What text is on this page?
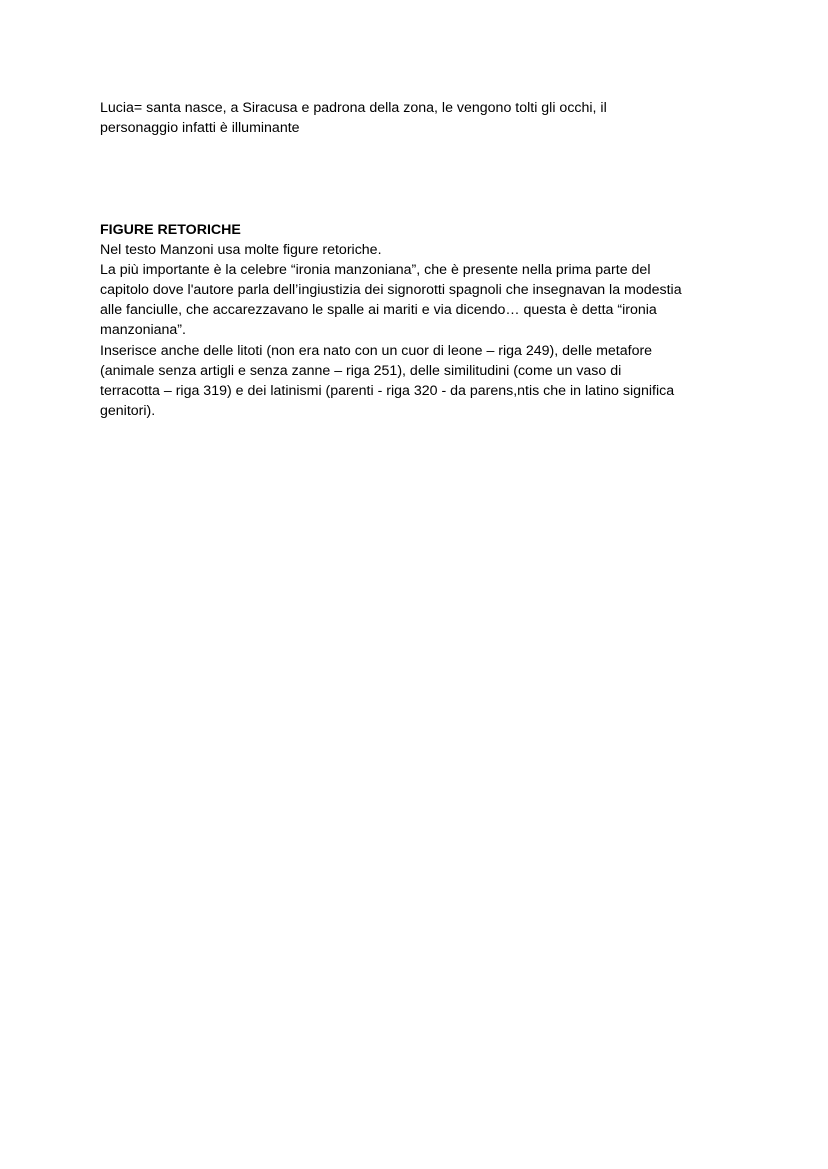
Lucia= santa nasce, a Siracusa e padrona della zona, le vengono tolti gli occhi, il

personaggio infatti è illuminante

FIGURE RETORICHE

Nel testo Manzoni usa molte figure retoriche.

La più importante è la celebre “ironia manzoniana”, che è presente nella prima parte del

capitolo dove l'autore parla dell’ingiustizia dei signorotti spagnoli che insegnavan la modestia

alle fanciulle, che accarezzavano le spalle ai mariti e via dicendo… questa è detta “ironia

manzoniana”.

Inserisce anche delle litoti (non era nato con un cuor di leone – riga 249), delle metafore

(animale senza artigli e senza zanne – riga 251), delle similitudini (come un vaso di

terracotta – riga 319) e dei latinismi (parenti - riga 320 - da parens,ntis che in latino significa

genitori).
